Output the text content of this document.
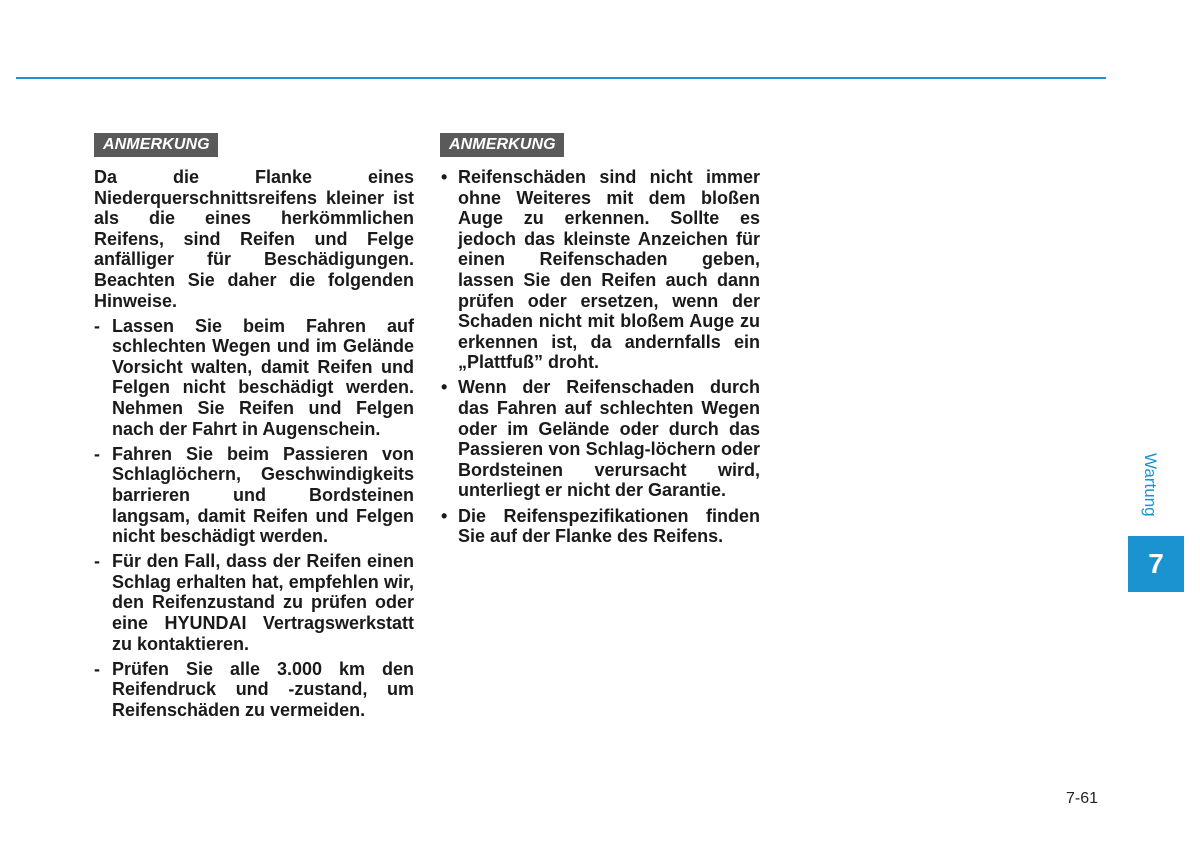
ANMERKUNG

Da die Flanke eines Niederquerschnittsreifens kleiner ist als die eines herkömmlichen Reifens, sind Reifen und Felge anfälliger für Beschädigungen. Beachten Sie daher die folgenden Hinweise.

- Lassen Sie beim Fahren auf schlechten Wegen und im Gelände Vorsicht walten, damit Reifen und Felgen nicht beschädigt werden. Nehmen Sie Reifen und Felgen nach der Fahrt in Augenschein.
- Fahren Sie beim Passieren von Schlaglöchern, Geschwindigkeits barrieren und Bordsteinen langsam, damit Reifen und Felgen nicht beschädigt werden.
- Für den Fall, dass der Reifen einen Schlag erhalten hat, empfehlen wir, den Reifenzustand zu prüfen oder eine HYUNDAI Vertragswerkstatt zu kontaktieren.
- Prüfen Sie alle 3.000 km den Reifendruck und -zustand, um Reifenschäden zu vermeiden.
ANMERKUNG
• Reifenschäden sind nicht immer ohne Weiteres mit dem bloßen Auge zu erkennen. Sollte es jedoch das kleinste Anzeichen für einen Reifenschaden geben, lassen Sie den Reifen auch dann prüfen oder ersetzen, wenn der Schaden nicht mit bloßem Auge zu erkennen ist, da andernfalls ein „Plattfuß” droht.
• Wenn der Reifenschaden durch das Fahren auf schlechten Wegen oder im Gelände oder durch das Passieren von Schlag-löchern oder Bordsteinen verursacht wird, unterliegt er nicht der Garantie.
• Die Reifenspezifikationen finden Sie auf der Flanke des Reifens.
Wartung
7
7-61
